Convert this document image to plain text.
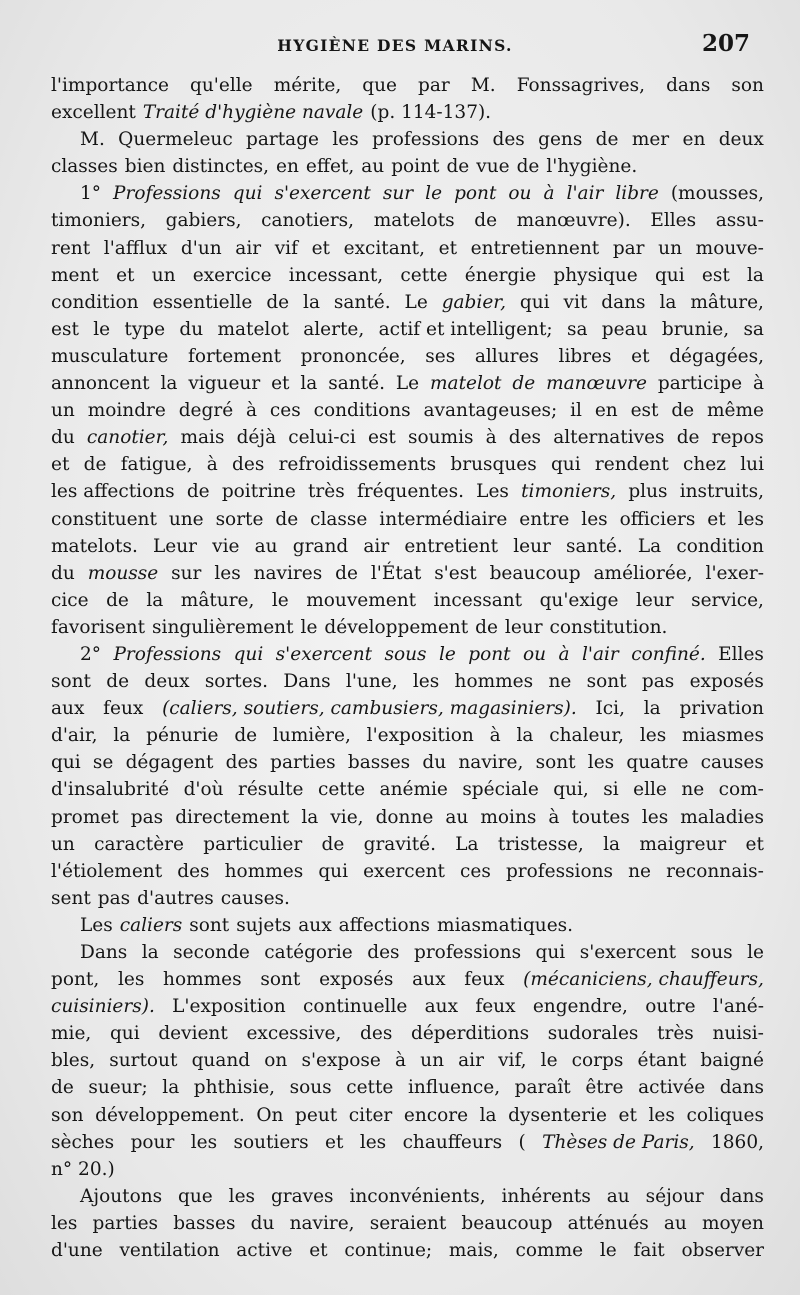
HYGIÈNE DES MARINS.	207
l'importance qu'elle mérite, que par M. Fonssagrives, dans son
excellent Traité d'hygiène navale (p. 114-137).
M. Quermeleuc partage les professions des gens de mer en deux
classes bien distinctes, en effet, au point de vue de l'hygiène.
1° Professions qui s'exercent sur le pont ou à l'air libre (mousses,
timoniers, gabiers, canotiers, matelots de manœuvre). Elles assu-
rent l'afflux d'un air vif et excitant, et entretiennent par un mouve-
ment et un exercice incessant, cette énergie physique qui est la
condition essentielle de la santé. Le gabier, qui vit dans la mâture,
est le type du matelot alerte, actif et intelligent; sa peau brunie, sa
musculature fortement prononcée, ses allures libres et dégagées,
annoncent la vigueur et la santé. Le matelot de manœuvre participe à
un moindre degré à ces conditions avantageuses; il en est de même
du canotier, mais déjà celui-ci est soumis à des alternatives de repos
et de fatigue, à des refroidissements brusques qui rendent chez lui
les affections de poitrine très fréquentes. Les timoniers, plus instruits,
constituent une sorte de classe intermédiaire entre les officiers et les
matelots. Leur vie au grand air entretient leur santé. La condition
du mousse sur les navires de l'État s'est beaucoup améliorée, l'exer-
cice de la mâture, le mouvement incessant qu'exige leur service,
favorisent singulièrement le développement de leur constitution.
2° Professions qui s'exercent sous le pont ou à l'air confiné. Elles
sont de deux sortes. Dans l'une, les hommes ne sont pas exposés
aux feux (caliers, soutiers, cambusiers, magasiniers). Ici, la privation
d'air, la pénurie de lumière, l'exposition à la chaleur, les miasmes
qui se dégagent des parties basses du navire, sont les quatre causes
d'insalubrité d'où résulte cette anémie spéciale qui, si elle ne com-
promet pas directement la vie, donne au moins à toutes les maladies
un caractère particulier de gravité. La tristesse, la maigreur et
l'étiolement des hommes qui exercent ces professions ne reconnais-
sent pas d'autres causes.
Les caliers sont sujets aux affections miasmatiques.
Dans la seconde catégorie des professions qui s'exercent sous le
pont, les hommes sont exposés aux feux (mécaniciens, chauffeurs,
cuisiniers). L'exposition continuelle aux feux engendre, outre l'ané-
mie, qui devient excessive, des déperditions sudorales très nuisi-
bles, surtout quand on s'expose à un air vif, le corps étant baigné
de sueur; la phthisie, sous cette influence, paraît être activée dans
son développement. On peut citer encore la dysenterie et les coliques
sèches pour les soutiers et les chauffeurs ( Thèses de Paris, 1860,
n° 20.)
Ajoutons que les graves inconvénients, inhérents au séjour dans
les parties basses du navire, seraient beaucoup atténués au moyen
d'une ventilation active et continue; mais, comme le fait observer
